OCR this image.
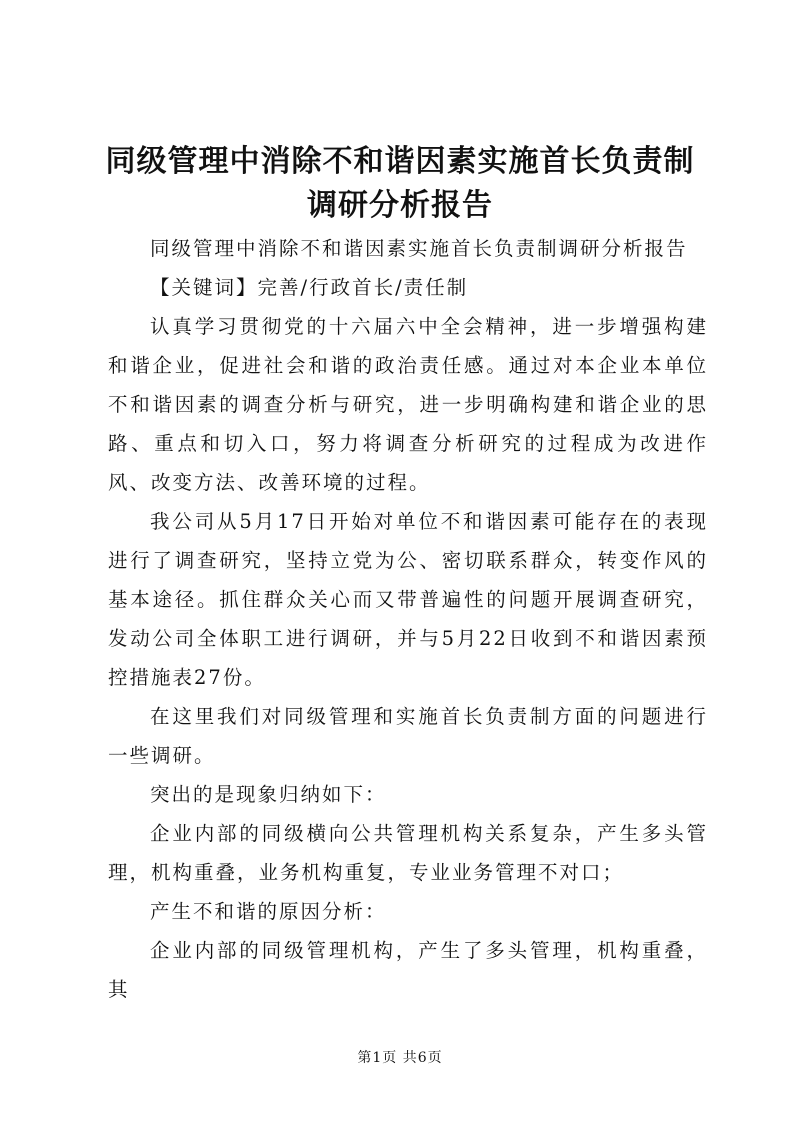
同级管理中消除不和谐因素实施首长负责制调研分析报告

同级管理中消除不和谐因素实施首长负责制调研分析报告

【关键词】完善/行政首长/责任制

认真学习贯彻党的十六届六中全会精神，进一步增强构建和谐企业，促进社会和谐的政治责任感。通过对本企业本单位不和谐因素的调查分析与研究，进一步明确构建和谐企业的思路、重点和切入口，努力将调查分析研究的过程成为改进作风、改变方法、改善环境的过程。

我公司从5月17日开始对单位不和谐因素可能存在的表现进行了调查研究，坚持立党为公、密切联系群众，转变作风的基本途径。抓住群众关心而又带普遍性的问题开展调查研究，发动公司全体职工进行调研，并与5月22日收到不和谐因素预控措施表27份。

在这里我们对同级管理和实施首长负责制方面的问题进行一些调研。

突出的是现象归纳如下：

企业内部的同级横向公共管理机构关系复杂，产生多头管理，机构重叠，业务机构重复，专业业务管理不对口；

产生不和谐的原因分析：

企业内部的同级管理机构，产生了多头管理，机构重叠，其

第1页 共6页
